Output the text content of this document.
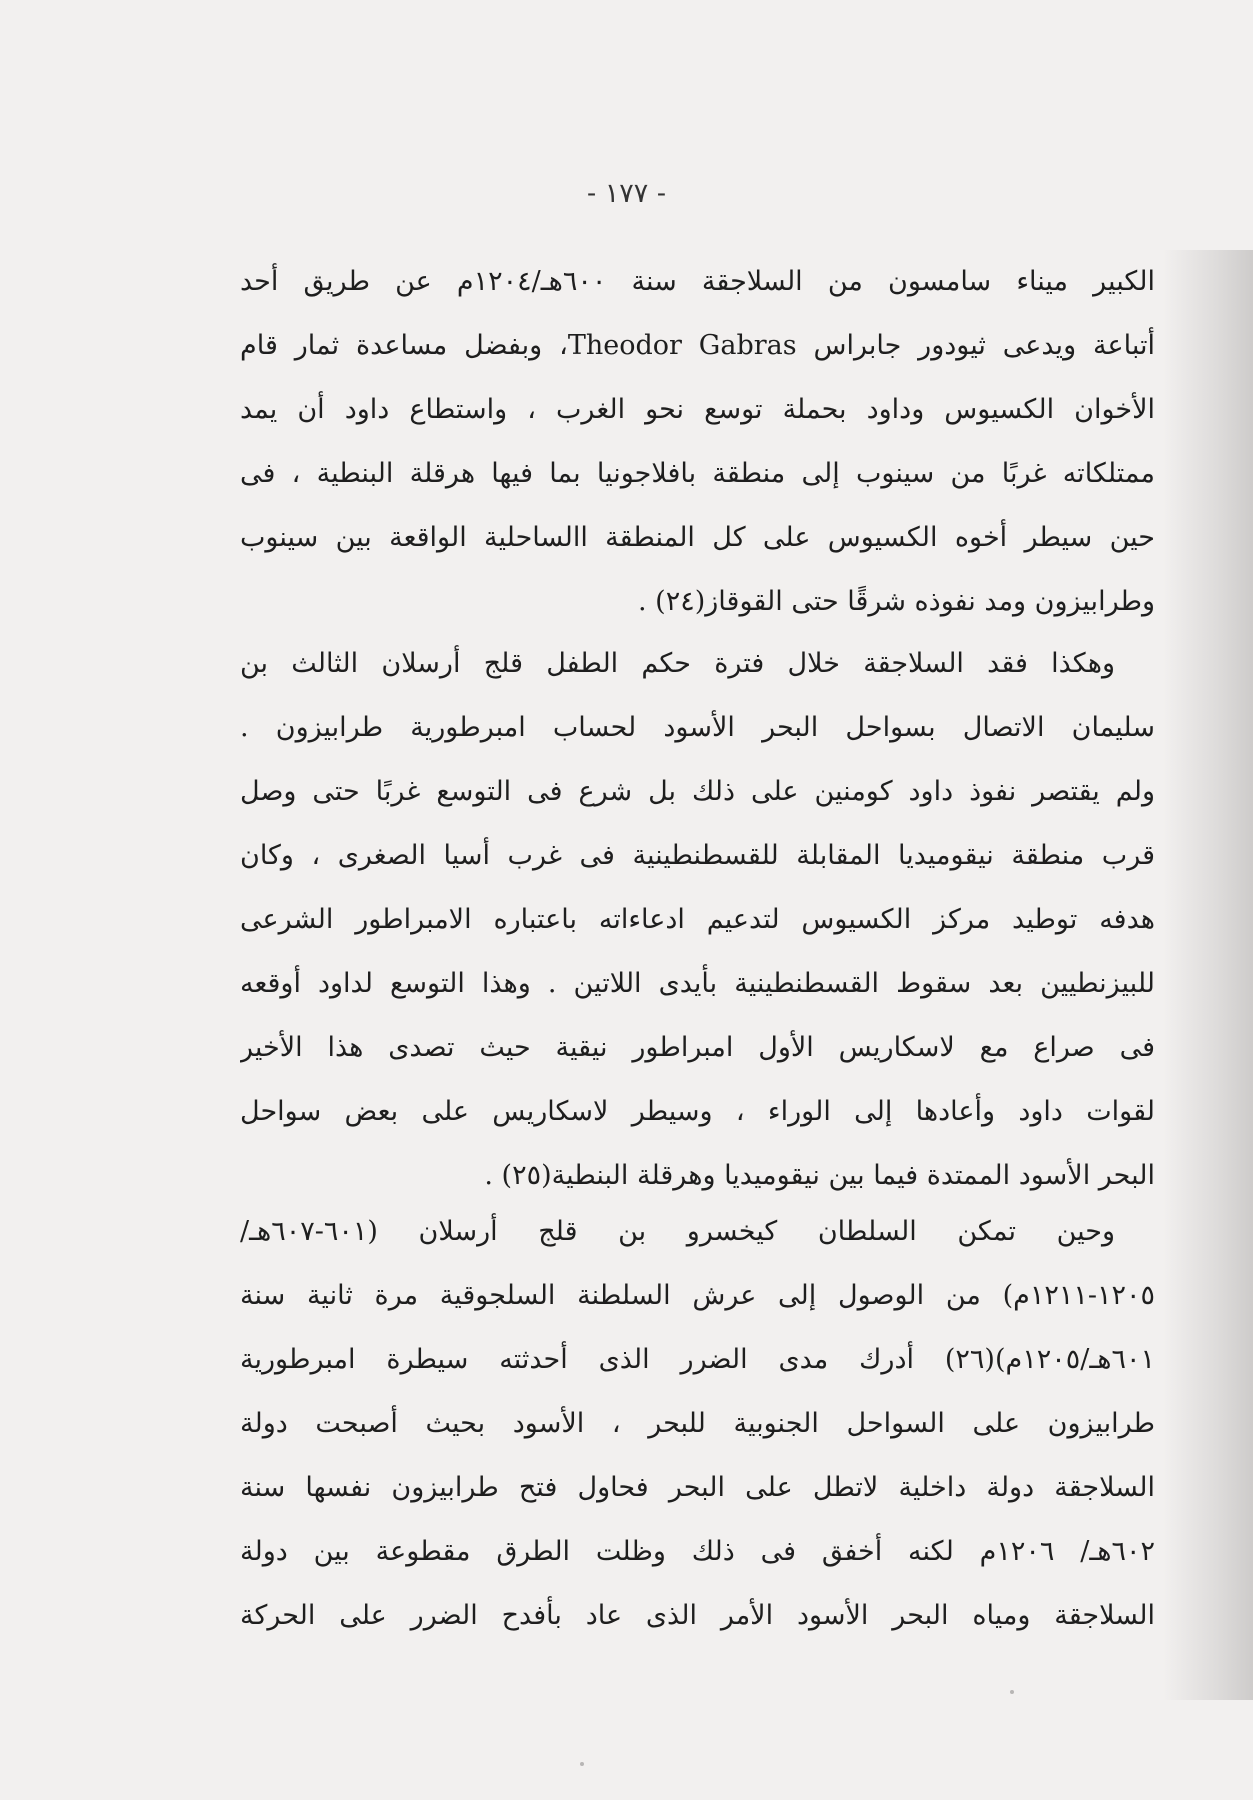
- ١٧٧ -

الكبير ميناء سامسون من السلاجقة سنة ٦٠٠هـ/١٢٠٤م عن طريق أحد
أتباعة ويدعى ثيودور جابراس Theodor Gabras، وبفضل مساعدة ثمار قام
الأخوان الكسيوس وداود بحملة توسع نحو الغرب ، واستطاع داود أن يمد
ممتلكاته غربًا من سينوب إلى منطقة بافلاجونيا بما فيها هرقلة البنطية ، فى
حين سيطر أخوه الكسيوس على كل المنطقة االساحلية الواقعة بين سينوب
وطرابيزون ومد نفوذه شرقًا حتى القوقاز(٢٤) .
وهكذا فقد السلاجقة خلال فترة حكم الطفل قلج أرسلان الثالث بن
سليمان الاتصال بسواحل البحر الأسود لحساب امبرطورية طرابيزون .
ولم يقتصر نفوذ داود كومنين على ذلك بل شرع فى التوسع غربًا حتى وصل
قرب منطقة نيقوميديا المقابلة للقسطنطينية فى غرب أسيا الصغرى ، وكان
هدفه توطيد مركز الكسيوس لتدعيم ادعاءاته باعتباره الامبراطور الشرعى
للبيزنطيين بعد سقوط القسطنطينية بأيدى اللاتين . وهذا التوسع لداود أوقعه
فى صراع مع لاسكاريس الأول امبراطور نيقية حيث تصدى هذا الأخير
لقوات داود وأعادها إلى الوراء ، وسيطر لاسكاريس على بعض سواحل
البحر الأسود الممتدة فيما بين نيقوميديا وهرقلة البنطية(٢٥) .
وحين تمكن السلطان كيخسرو بن قلج أرسلان (٦٠١-٦٠٧هـ/
١٢٠٥-١٢١١م) من الوصول إلى عرش السلطنة السلجوقية مرة ثانية سنة
٦٠١هـ/١٢٠٥م)(٢٦) أدرك مدى الضرر الذى أحدثته سيطرة امبرطورية
طرابيزون على السواحل الجنوبية للبحر ، الأسود بحيث أصبحت دولة
السلاجقة دولة داخلية لاتطل على البحر فحاول فتح طرابيزون نفسها سنة
٦٠٢هـ/ ١٢٠٦م لكنه أخفق فى ذلك وظلت الطرق مقطوعة بين دولة
السلاجقة ومياه البحر الأسود الأمر الذى عاد بأفدح الضرر على الحركة
